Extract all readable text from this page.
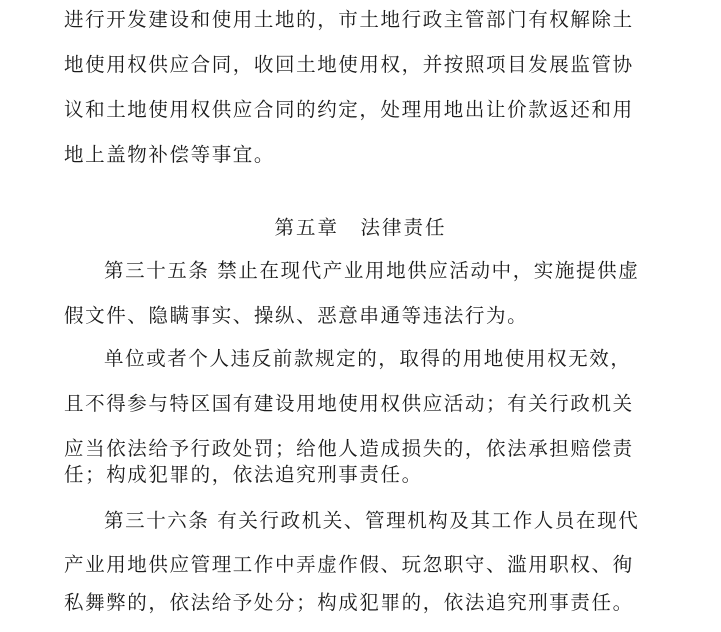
进行开发建设和使用土地的，市土地行政主管部门有权解除土
地使用权供应合同，收回土地使用权，并按照项目发展监管协
议和土地使用权供应合同的约定，处理用地出让价款返还和用
地上盖物补偿等事宜。
第五章　法律责任
第三十五条 禁止在现代产业用地供应活动中，实施提供虚
假文件、隐瞒事实、操纵、恶意串通等违法行为。
单位或者个人违反前款规定的，取得的用地使用权无效，
且不得参与特区国有建设用地使用权供应活动；有关行政机关
应当依法给予行政处罚；给他人造成损失的，依法承担赔偿责
任；构成犯罪的，依法追究刑事责任。
第三十六条 有关行政机关、管理机构及其工作人员在现代
产业用地供应管理工作中弄虚作假、玩忽职守、滥用职权、徇
私舞弊的，依法给予处分；构成犯罪的，依法追究刑事责任。
